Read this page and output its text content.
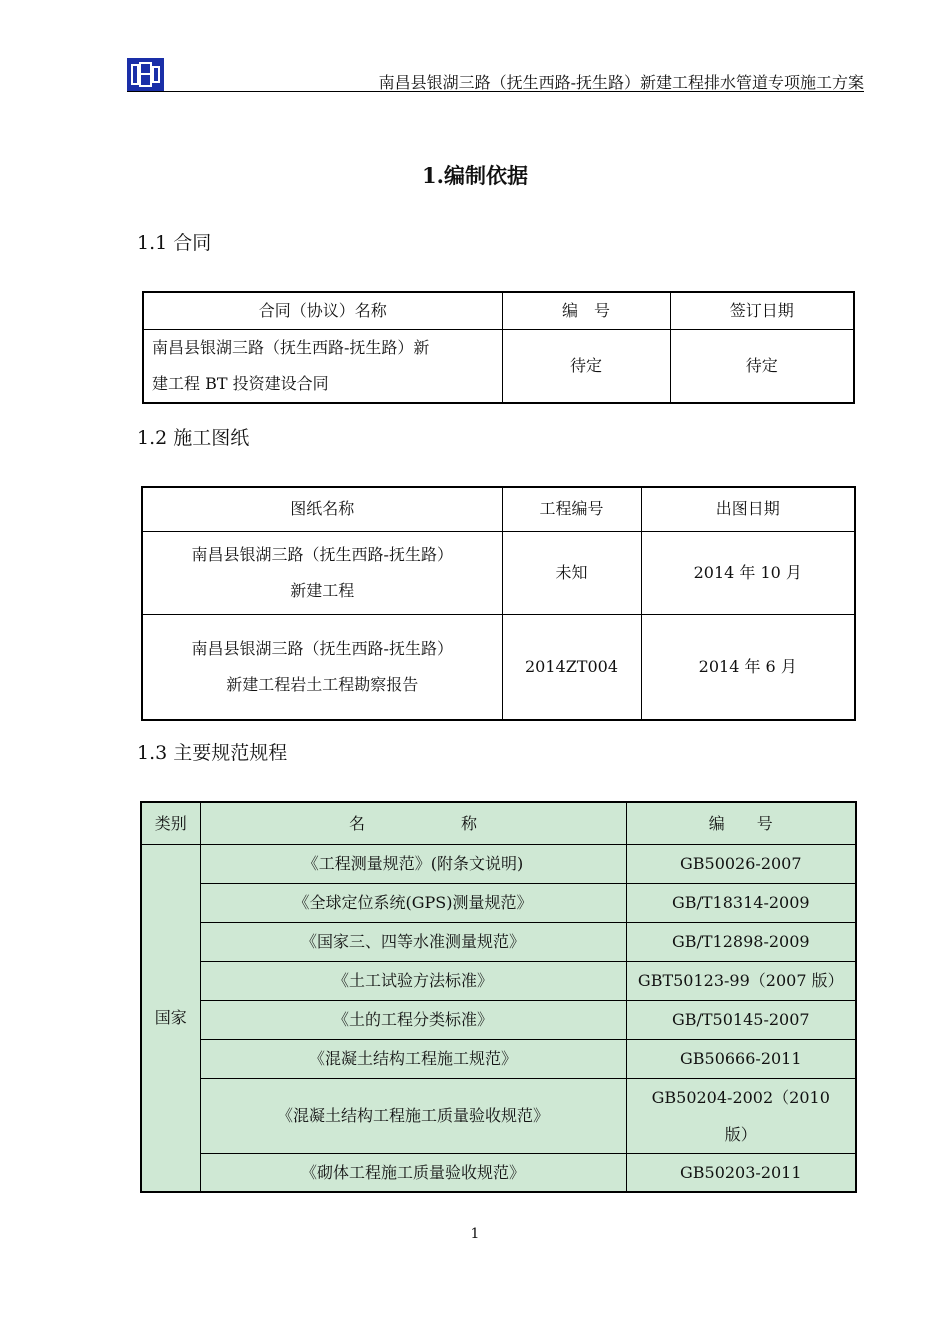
南昌县银湖三路（抚生西路-抚生路）新建工程排水管道专项施工方案
1.编制依据
1.1 合同
合同（协议）名称	编　号	签订日期

南昌县银湖三路（抚生西路-抚生路）新
建工程 BT 投资建设合同	待定	待定
1.2 施工图纸
图纸名称	工程编号	出图日期

南昌县银湖三路（抚生西路-抚生路）
新建工程	未知	2014 年 10 月

南昌县银湖三路（抚生西路-抚生路）
新建工程岩土工程勘察报告	2014ZT004	2014 年 6 月
1.3 主要规范规程
类别	名　　　　　　称	编　　号
国家	《工程测量规范》(附条文说明)	GB50026-2007
	《全球定位系统(GPS)测量规范》	GB/T18314-2009
	《国家三、四等水准测量规范》	GB/T12898-2009
	《土工试验方法标准》	GBT50123-99（2007 版）
	《土的工程分类标准》	GB/T50145-2007
	《混凝土结构工程施工规范》	GB50666-2011
	《混凝土结构工程施工质量验收规范》	GB50204-2002（2010
版）

	《砌体工程施工质量验收规范》	GB50203-2011
1
